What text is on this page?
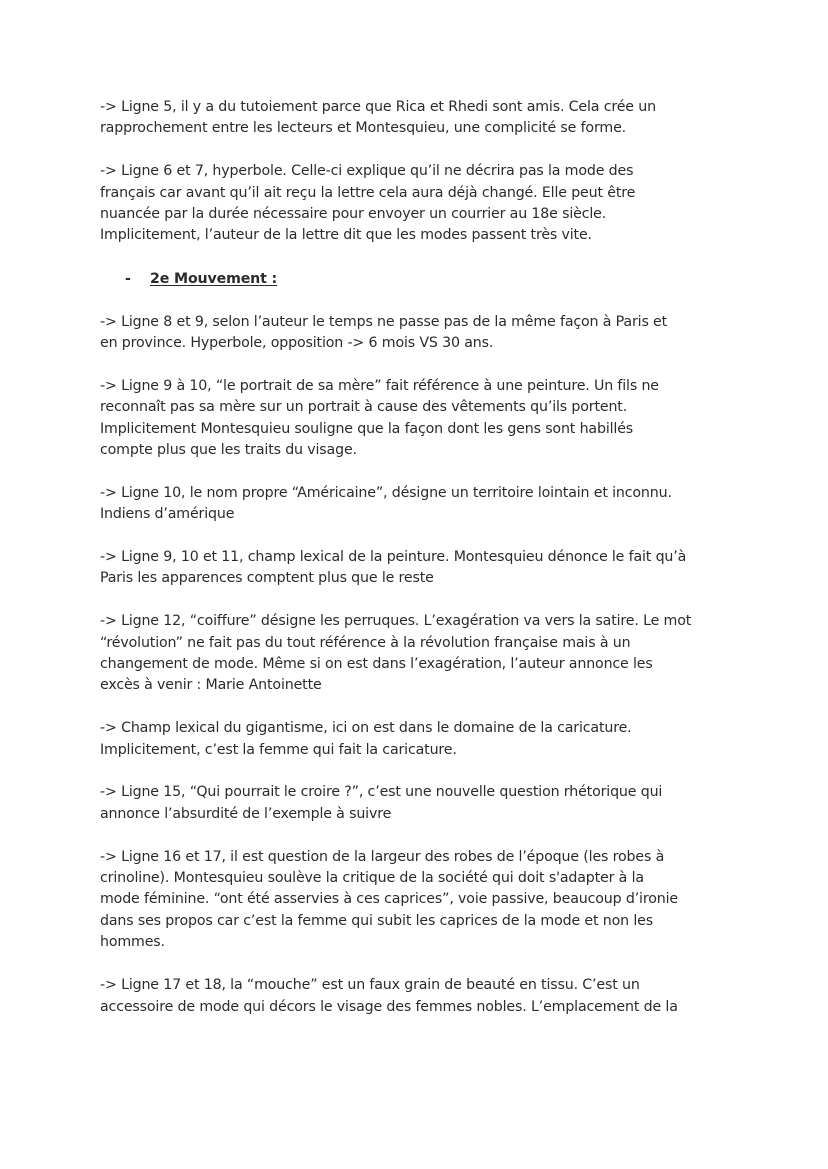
-> Ligne 5, il y a du tutoiement parce que Rica et Rhedi sont amis. Cela crée un
rapprochement entre les lecteurs et Montesquieu, une complicité se forme.
-> Ligne 6 et 7, hyperbole. Celle-ci explique qu’il ne décrira pas la mode des
français car avant qu’il ait reçu la lettre cela aura déjà changé. Elle peut être
nuancée par la durée nécessaire pour envoyer un courrier au 18e siècle.
Implicitement, l’auteur de la lettre dit que les modes passent très vite.
- 2e Mouvement :
-> Ligne 8 et 9, selon l’auteur le temps ne passe pas de la même façon à Paris et
en province. Hyperbole, opposition -> 6 mois VS 30 ans.
-> Ligne 9 à 10, “le portrait de sa mère” fait référence à une peinture. Un fils ne
reconnaît pas sa mère sur un portrait à cause des vêtements qu’ils portent.
Implicitement Montesquieu souligne que la façon dont les gens sont habillés
compte plus que les traits du visage.
-> Ligne 10, le nom propre “Américaine”, désigne un territoire lointain et inconnu.
Indiens d’amérique
-> Ligne 9, 10 et 11, champ lexical de la peinture. Montesquieu dénonce le fait qu’à
Paris les apparences comptent plus que le reste
-> Ligne 12, “coiffure” désigne les perruques. L’exagération va vers la satire. Le mot
“révolution” ne fait pas du tout référence à la révolution française mais à un
changement de mode. Même si on est dans l’exagération, l’auteur annonce les
excès à venir : Marie Antoinette
-> Champ lexical du gigantisme, ici on est dans le domaine de la caricature.
Implicitement, c’est la femme qui fait la caricature.
-> Ligne 15, “Qui pourrait le croire ?”, c’est une nouvelle question rhétorique qui
annonce l’absurdité de l’exemple à suivre
-> Ligne 16 et 17, il est question de la largeur des robes de l’époque (les robes à
crinoline). Montesquieu soulève la critique de la société qui doit s'adapter à la
mode féminine. “ont été asservies à ces caprices”, voie passive, beaucoup d’ironie
dans ses propos car c’est la femme qui subit les caprices de la mode et non les
hommes.
-> Ligne 17 et 18, la “mouche” est un faux grain de beauté en tissu. C’est un
accessoire de mode qui décors le visage des femmes nobles. L’emplacement de la
